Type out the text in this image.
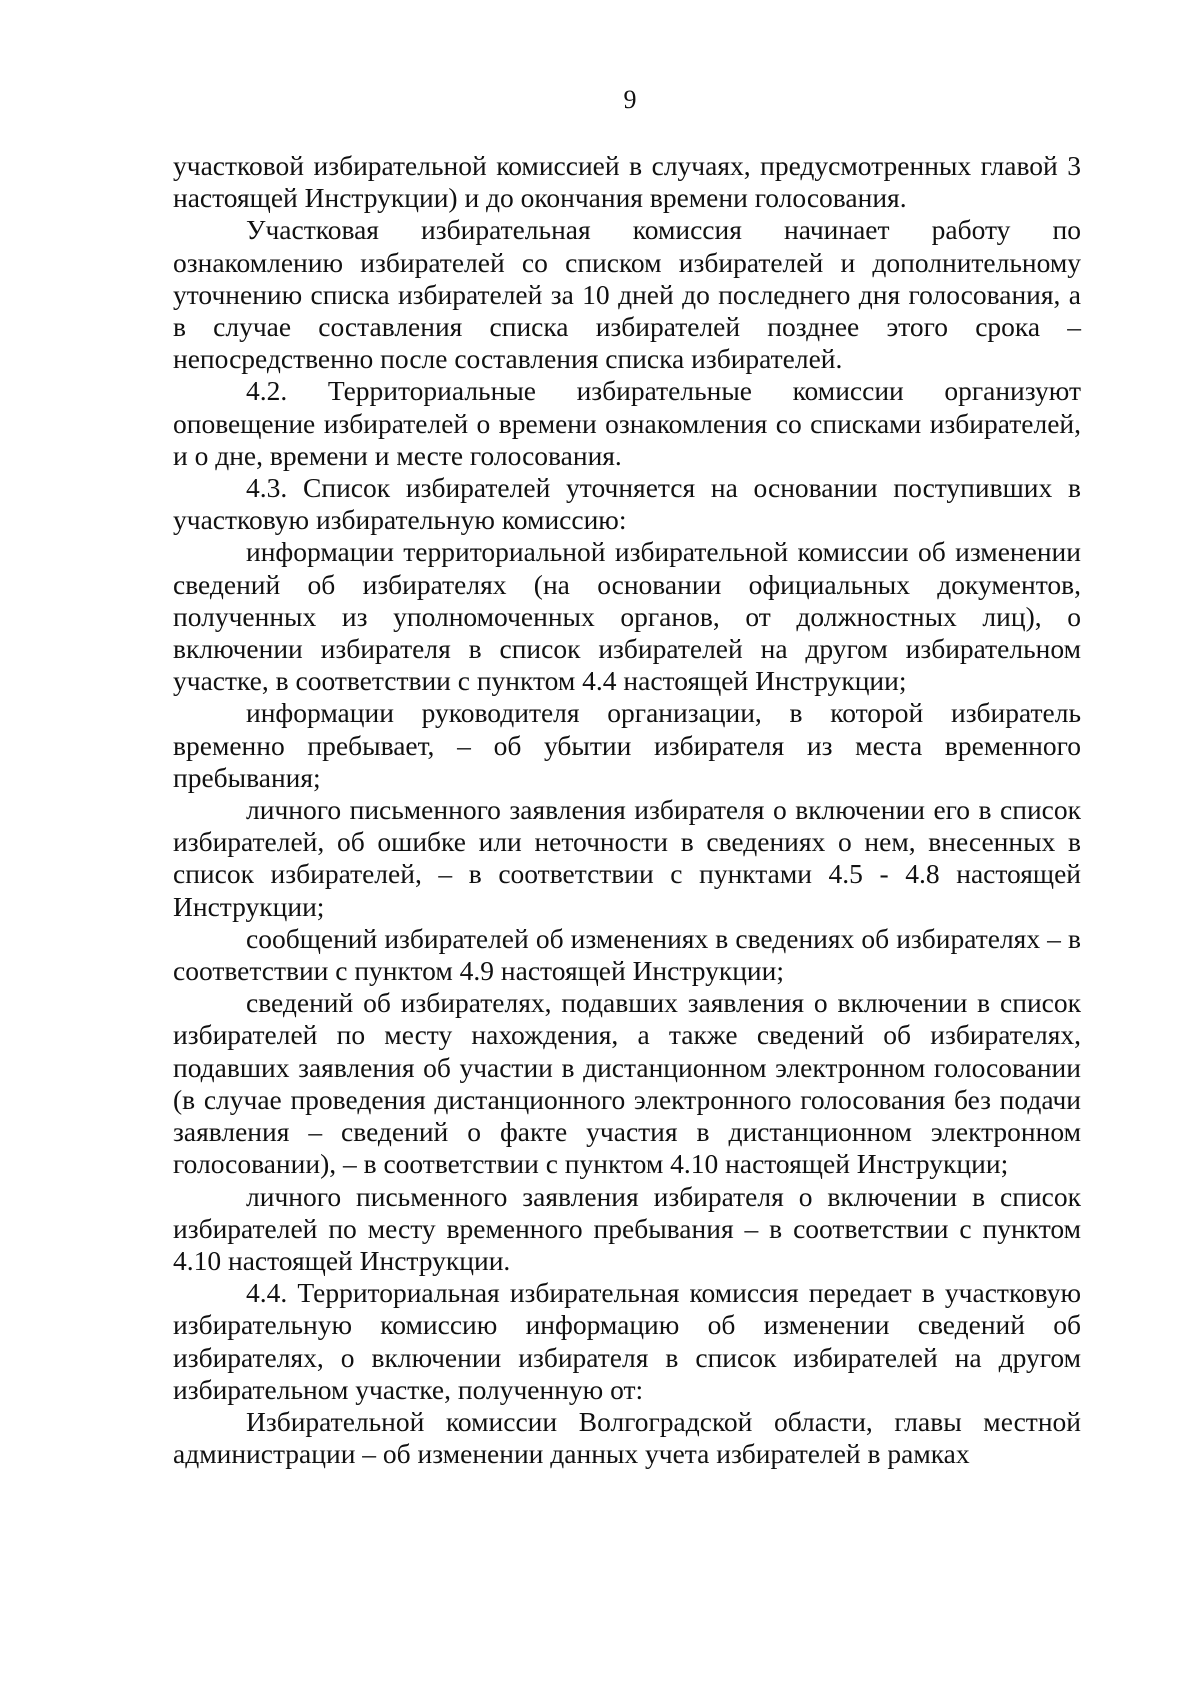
9

участковой избирательной комиссией в случаях, предусмотренных главой 3 настоящей Инструкции) и до окончания времени голосования.

Участковая избирательная комиссия начинает работу по ознакомлению избирателей со списком избирателей и дополнительному уточнению списка избирателей за 10 дней до последнего дня голосования, а в случае составления списка избирателей позднее этого срока – непосредственно после составления списка избирателей.

4.2. Территориальные избирательные комиссии организуют оповещение избирателей о времени ознакомления со списками избирателей, и о дне, времени и месте голосования.

4.3. Список избирателей уточняется на основании поступивших в участковую избирательную комиссию:

информации территориальной избирательной комиссии об изменении сведений об избирателях (на основании официальных документов, полученных из уполномоченных органов, от должностных лиц), о включении избирателя в список избирателей на другом избирательном участке, в соответствии с пунктом 4.4 настоящей Инструкции;

информации руководителя организации, в которой избиратель временно пребывает, – об убытии избирателя из места временного пребывания;

личного письменного заявления избирателя о включении его в список избирателей, об ошибке или неточности в сведениях о нем, внесенных в список избирателей, – в соответствии с пунктами 4.5 - 4.8 настоящей Инструкции;

сообщений избирателей об изменениях в сведениях об избирателях – в соответствии с пунктом 4.9 настоящей Инструкции;

сведений об избирателях, подавших заявления о включении в список избирателей по месту нахождения, а также сведений об избирателях, подавших заявления об участии в дистанционном электронном голосовании (в случае проведения дистанционного электронного голосования без подачи заявления – сведений о факте участия в дистанционном электронном голосовании), – в соответствии с пунктом 4.10 настоящей Инструкции;

личного письменного заявления избирателя о включении в список избирателей по месту временного пребывания – в соответствии с пунктом 4.10 настоящей Инструкции.

4.4. Территориальная избирательная комиссия передает в участковую избирательную комиссию информацию об изменении сведений об избирателях, о включении избирателя в список избирателей на другом избирательном участке, полученную от:

Избирательной комиссии Волгоградской области, главы местной администрации – об изменении данных учета избирателей в рамках
